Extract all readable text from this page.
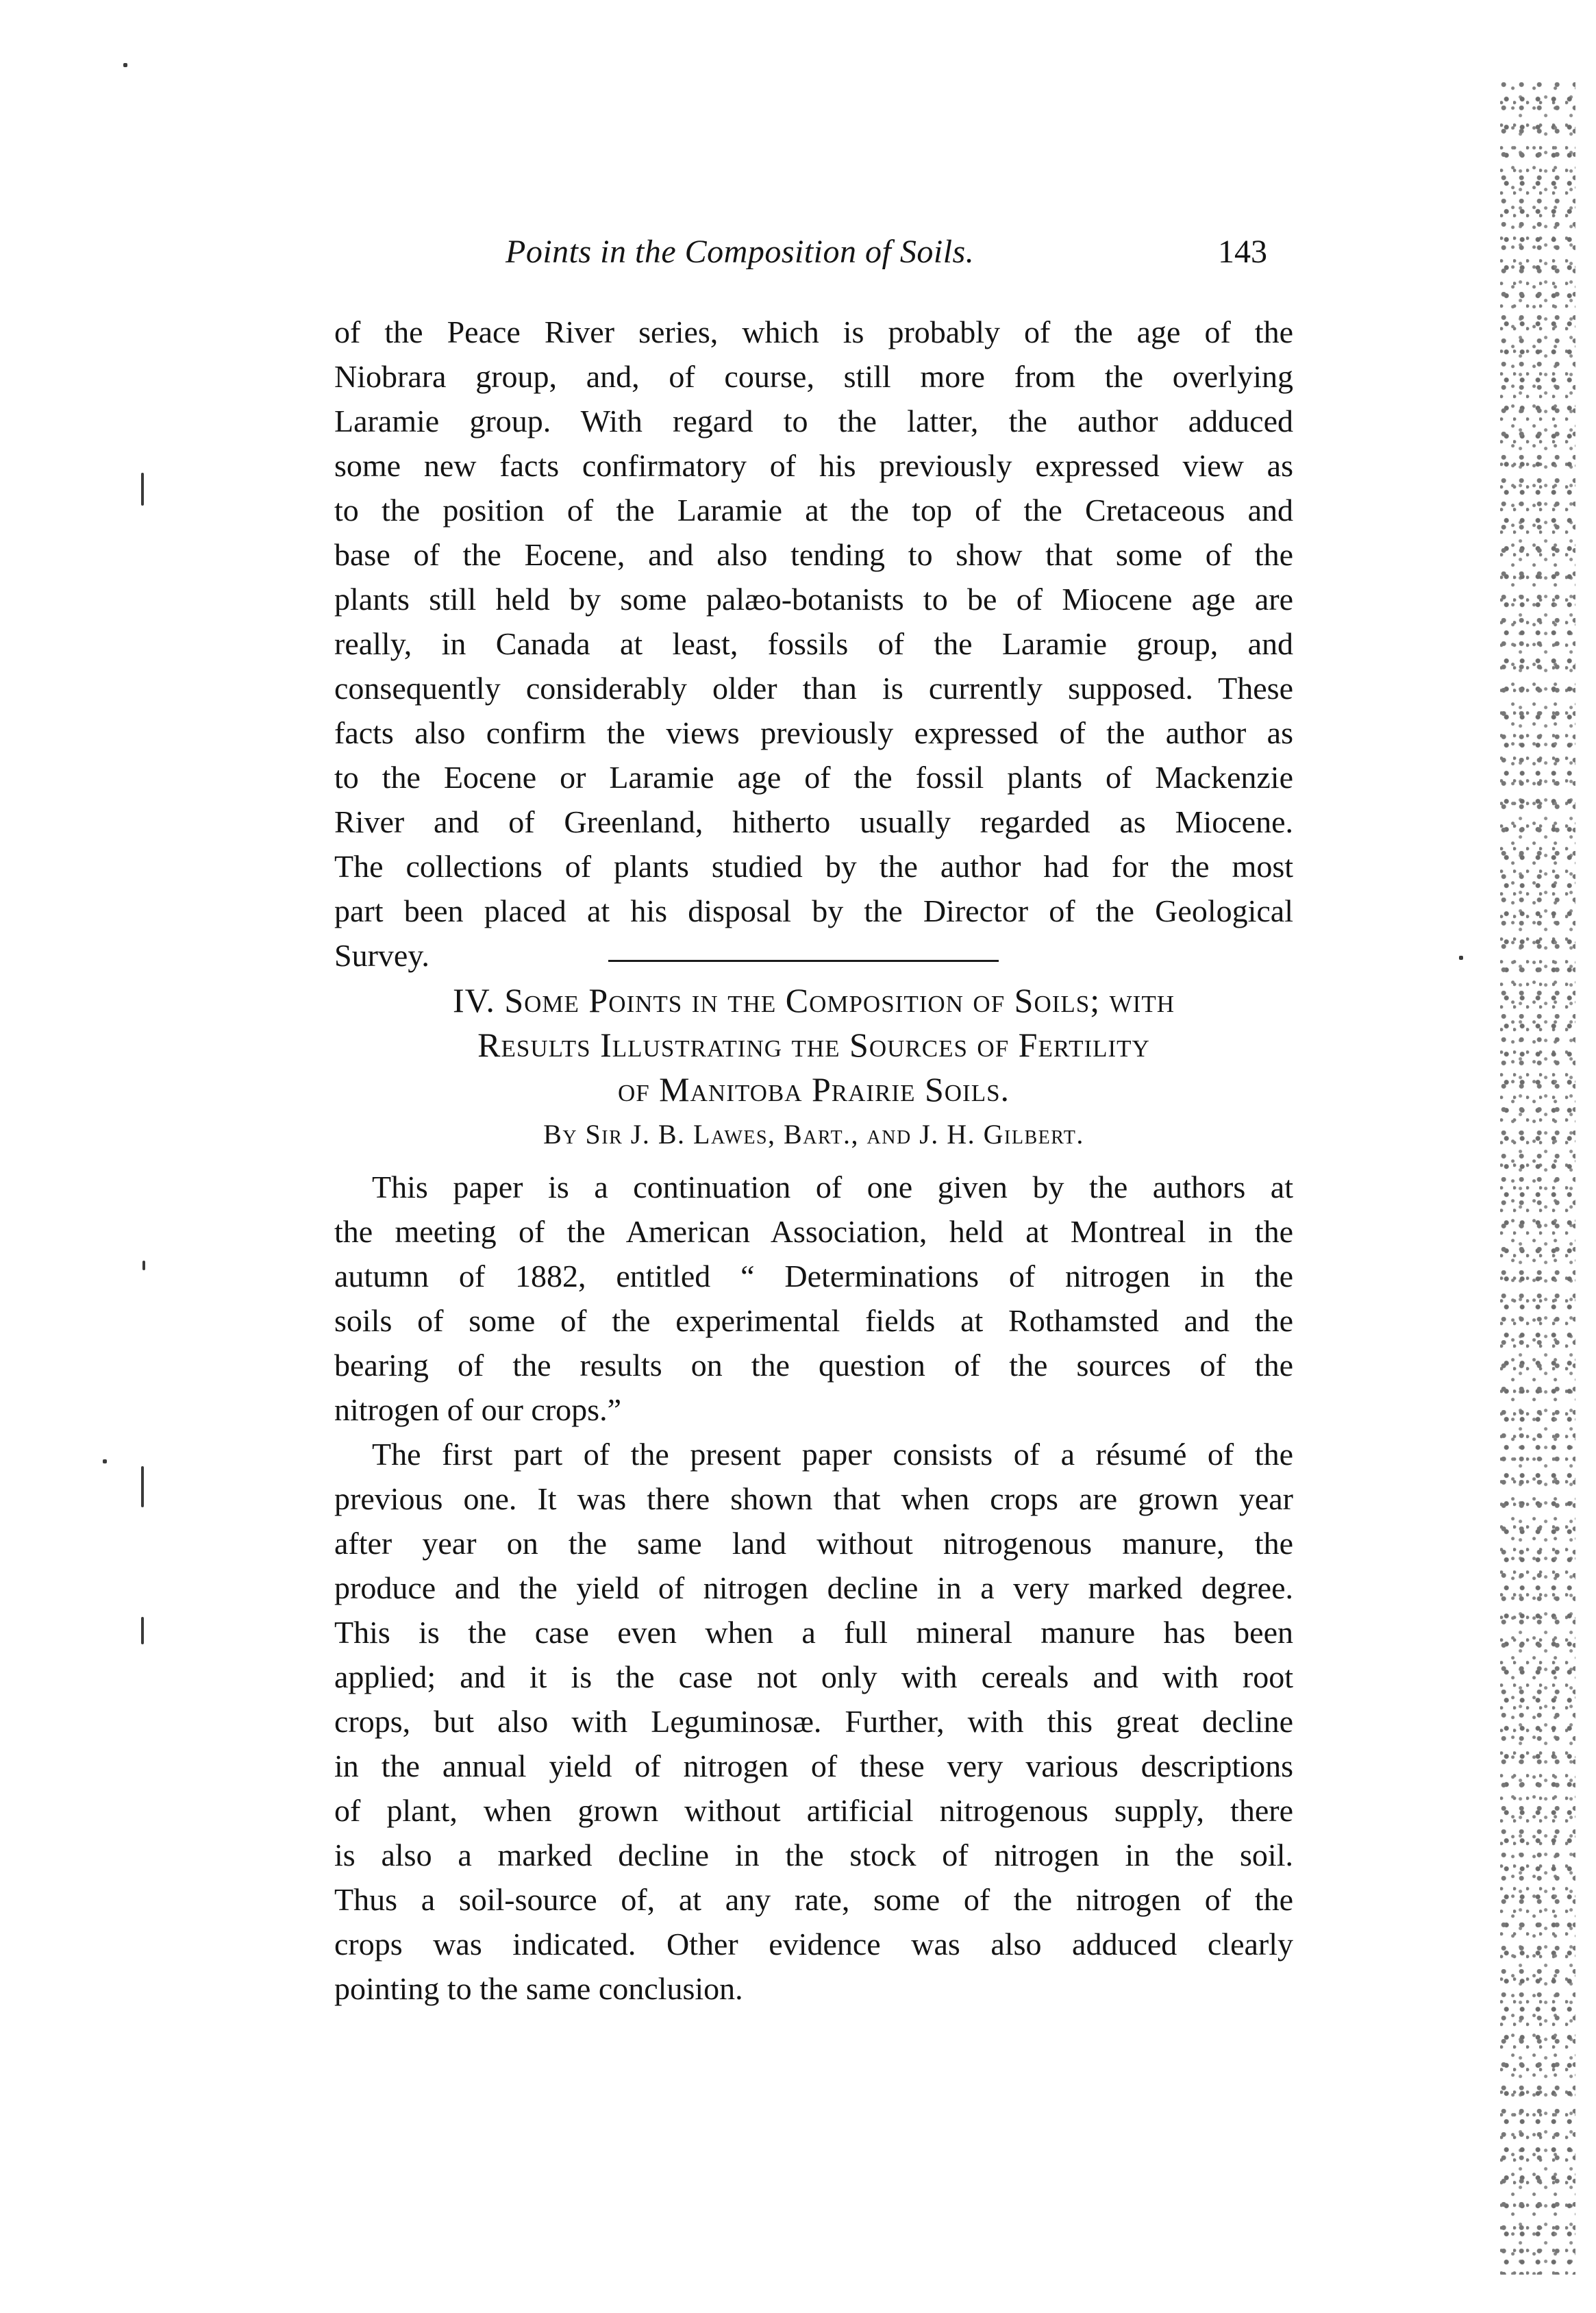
Points in the Composition of Soils.	143
of the Peace River series, which is probably of the age of the
Niobrara group, and, of course, still more from the overlying
Laramie group. With regard to the latter, the author adduced
some new facts confirmatory of his previously expressed view as
to the position of the Laramie at the top of the Cretaceous and
base of the Eocene, and also tending to show that some of the
plants still held by some palæo-botanists to be of Miocene age are
really, in Canada at least, fossils of the Laramie group, and
consequently considerably older than is currently supposed. These
facts also confirm the views previously expressed of the author as
to the Eocene or Laramie age of the fossil plants of Mackenzie
River and of Greenland, hitherto usually regarded as Miocene.
The collections of plants studied by the author had for the most
part been placed at his disposal by the Director of the Geological
Survey.
IV. Some Points in the Composition of Soils; with
Results Illustrating the Sources of Fertility
of Manitoba Prairie Soils.
By Sir J. B. Lawes, Bart., and J. H. Gilbert.
This paper is a continuation of one given by the authors at
the meeting of the American Association, held at Montreal in the
autumn of 1882, entitled “ Determinations of nitrogen in the
soils of some of the experimental fields at Rothamsted and the
bearing of the results on the question of the sources of the
nitrogen of our crops.”
The first part of the present paper consists of a résumé of the
previous one. It was there shown that when crops are grown year
after year on the same land without nitrogenous manure, the
produce and the yield of nitrogen decline in a very marked degree.
This is the case even when a full mineral manure has been
applied; and it is the case not only with cereals and with root
crops, but also with Leguminosæ. Further, with this great decline
in the annual yield of nitrogen of these very various descriptions
of plant, when grown without artificial nitrogenous supply, there
is also a marked decline in the stock of nitrogen in the soil.
Thus a soil-source of, at any rate, some of the nitrogen of the
crops was indicated. Other evidence was also adduced clearly
pointing to the same conclusion.
